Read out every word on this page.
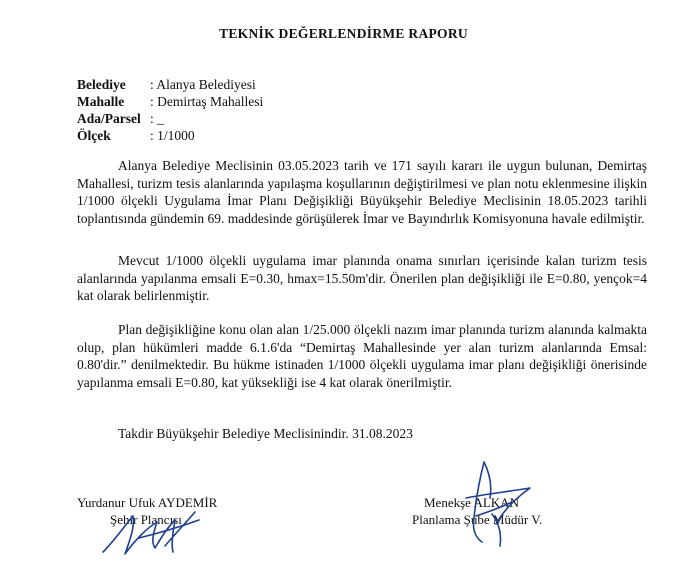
TEKNİK DEĞERLENDİRME RAPORU
Belediye	: Alanya Belediyesi
Mahalle	: Demirtaş Mahallesi
Ada/Parsel : _
Ölçek	: 1/1000

Alanya Belediye Meclisinin 03.05.2023 tarih ve 171 sayılı kararı ile uygun bulunan, Demirtaş Mahallesi, turizm tesis alanlarında yapılaşma koşullarının değiştirilmesi ve plan notu eklenmesine ilişkin 1/1000 ölçekli Uygulama İmar Planı Değişikliği Büyükşehir Belediye Meclisinin 18.05.2023 tarihli toplantısında gündemin 69. maddesinde görüşülerek İmar ve Bayındırlık Komisyonuna havale edilmiştir.

Mevcut 1/1000 ölçekli uygulama imar planında onama sınırları içerisinde kalan turizm tesis alanlarında yapılanma emsali E=0.30, hmax=15.50m'dir. Önerilen plan değişikliği ile E=0.80, yençok=4 kat olarak belirlenmiştir.

Plan değişikliğine konu olan alan 1/25.000 ölçekli nazım imar planında turizm alanında kalmakta olup, plan hükümleri madde 6.1.6'da “Demirtaş Mahallesinde yer alan turizm alanlarında Emsal: 0.80'dir.” denilmektedir. Bu hükme istinaden 1/1000 ölçekli uygulama imar planı değişikliği önerisinde yapılanma emsali E=0.80, kat yüksekliği ise 4 kat olarak önerilmiştir.

Takdir Büyükşehir Belediye Meclisinindir. 31.08.2023

Yurdanur Ufuk AYDEMİR
Şehir Plancısı
Menekşe ALKAN
Planlama Şube Müdür V.
